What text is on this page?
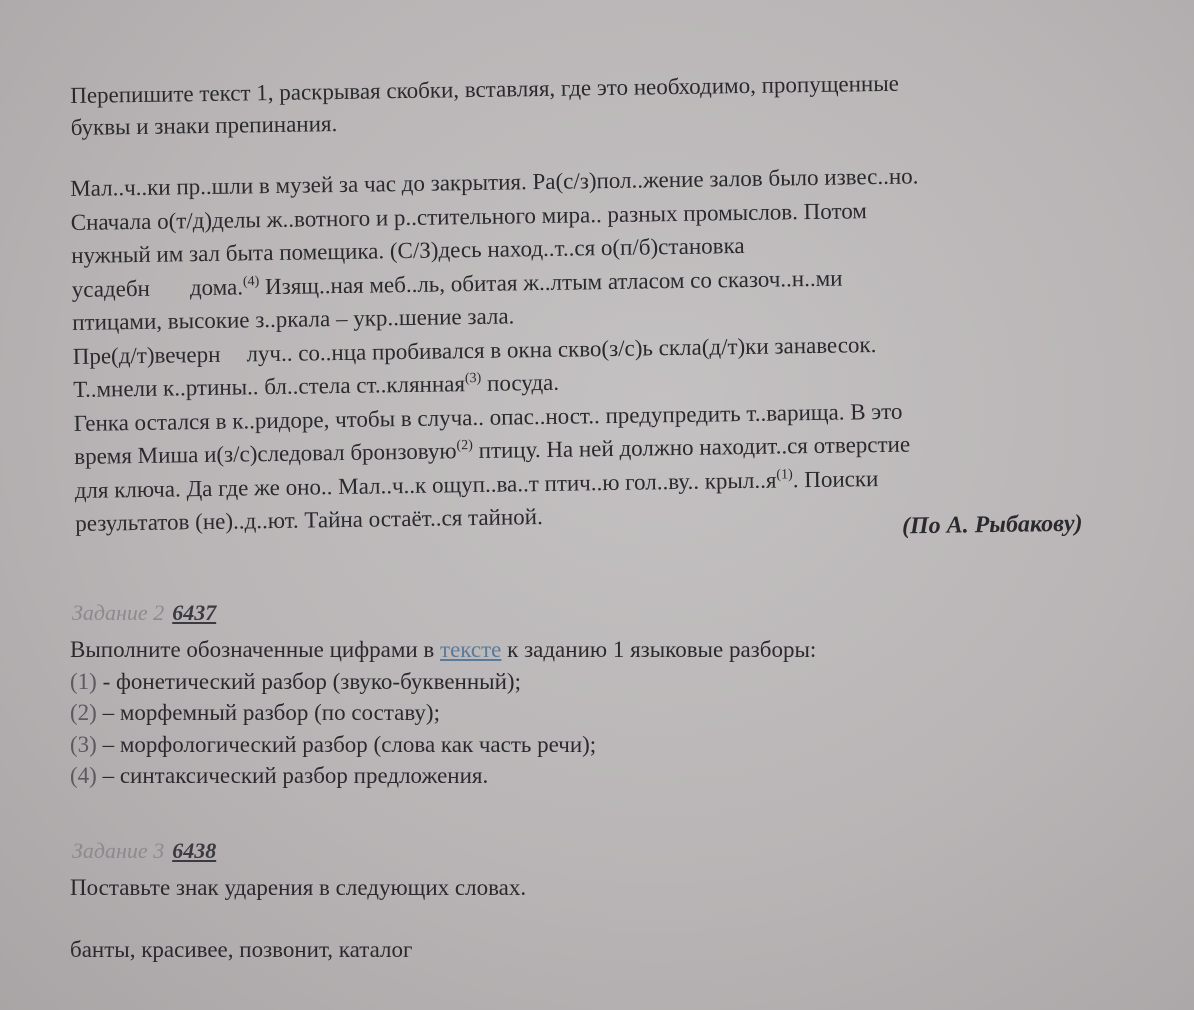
Перепишите текст 1, раскрывая скобки, вставляя, где это необходимо, пропущенные
буквы и знаки препинания.
Мал..ч..ки пр..шли в музей за час до закрытия. Ра(с/з)пол..жение залов было извес..но.
Сначала о(т/д)делы ж..вотного и р..стительного мира.. разных промыслов. Потом
нужный им зал быта помещика. (С/З)десь наход..т..ся о(п/б)становка
усадебн дома.$^{(4)}$ Изящ..ная меб..ль, обитая ж..лтым атласом со сказоч..н..ми
птицами, высокие з..ркала – укр..шение зала.
Пре(д/т)вечерн луч.. со..нца пробивался в окна скво(з/с)ь скла(д/т)ки занавесок.
Т..мнели к..ртины.. бл..стела ст..клянная$^{(3)}$ посуда.
Генка остался в к..ридоре, чтобы в случа.. опас..ност.. предупредить т..варища. В это
время Миша и(з/с)следовал бронзовую$^{(2)}$ птицу. На ней должно находит..ся отверстие
для ключа. Да где же оно.. Мал..ч..к ощуп..ва..т птич..ю гол..ву.. $крыл..я^{(1)}$. Поиски
результатов (не)..д..ют. Тайна остаёт..ся тайной.	(По А. Рыбакову)
Задание 2 6437
Выполните обозначенные цифрами в тексте к заданию 1 языковые разборы:
(1) - фонетический разбор (звуко-буквенный);
(2) – морфемный разбор (по составу);
(3) – морфологический разбор (слова как часть речи);
(4) – синтаксический разбор предложения.
Задание 3 6438
Поставьте знак ударения в следующих словах.
банты, красивее, позвонит, каталог
